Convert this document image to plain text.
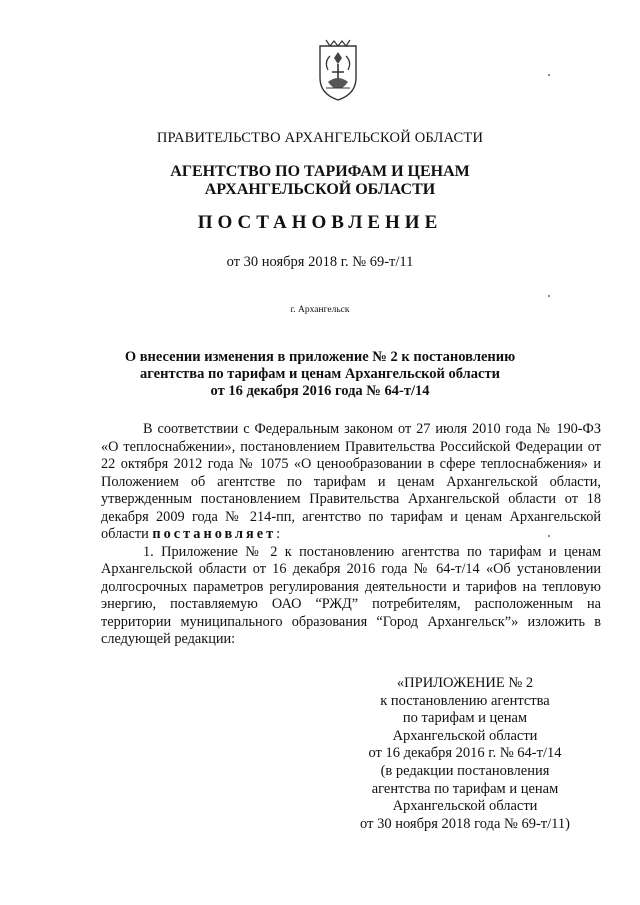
ПРАВИТЕЛЬСТВО АРХАНГЕЛЬСКОЙ ОБЛАСТИ
АГЕНТСТВО ПО ТАРИФАМ И ЦЕНАМ
АРХАНГЕЛЬСКОЙ ОБЛАСТИ
ПОСТАНОВЛЕНИЕ
от 30 ноября 2018 г. № 69-т/11
г. Архангельск
О внесении изменения в приложение № 2 к постановлению
агентства по тарифам и ценам Архангельской области
от 16 декабря 2016 года № 64-т/14

В соответствии с Федеральным законом от 27 июля 2010 года № 190-ФЗ «О теплоснабжении», постановлением Правительства Российской Федерации от 22 октября 2012 года № 1075 «О ценообразовании в сфере теплоснабжения» и Положением об агентстве по тарифам и ценам Архангельской области, утвержденным постановлением Правительства Архангельской области от 18 декабря 2009 года № 214-пп, агентство по тарифам и ценам Архангельской области постановляет:

1. Приложение № 2 к постановлению агентства по тарифам и ценам Архангельской области от 16 декабря 2016 года № 64-т/14 «Об установлении долгосрочных параметров регулирования деятельности и тарифов на тепловую энергию, поставляемую ОАО “РЖД” потребителям, расположенным на территории муниципального образования “Город Архангельск”» изложить в следующей редакции:

«ПРИЛОЖЕНИЕ № 2
к постановлению агентства
по тарифам и ценам
Архангельской области
от 16 декабря 2016 г. № 64-т/14
(в редакции постановления
агентства по тарифам и ценам
Архангельской области
от 30 ноября 2018 года № 69-т/11)
